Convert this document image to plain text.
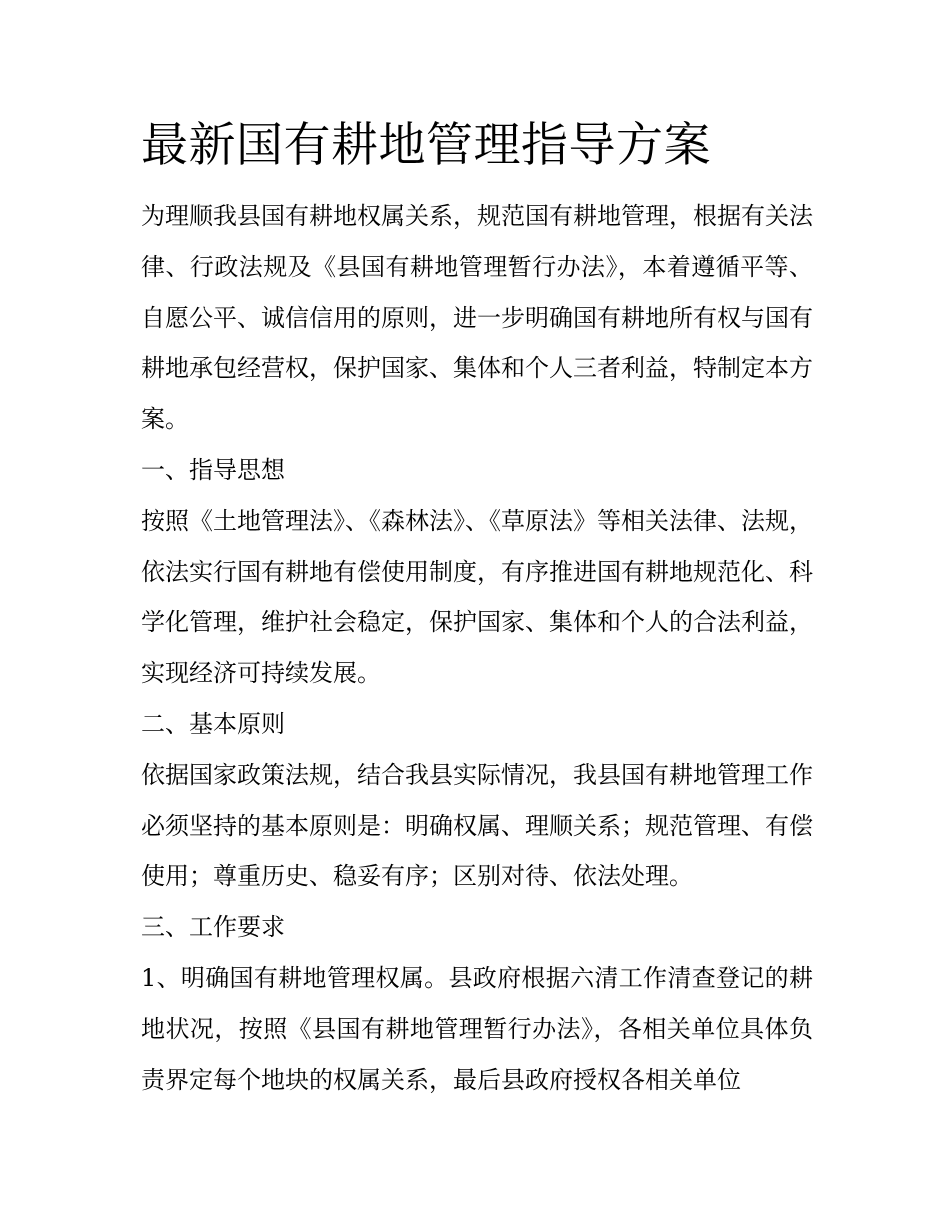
最新国有耕地管理指导方案

为理顺我县国有耕地权属关系，规范国有耕地管理，根据有关法律、行政法规及《县国有耕地管理暂行办法》，本着遵循平等、自愿公平、诚信信用的原则，进一步明确国有耕地所有权与国有耕地承包经营权，保护国家、集体和个人三者利益，特制定本方案。

一、指导思想

按照《土地管理法》、《森林法》、《草原法》等相关法律、法规，依法实行国有耕地有偿使用制度，有序推进国有耕地规范化、科学化管理，维护社会稳定，保护国家、集体和个人的合法利益，实现经济可持续发展。

二、基本原则

依据国家政策法规，结合我县实际情况，我县国有耕地管理工作必须坚持的基本原则是：明确权属、理顺关系；规范管理、有偿使用；尊重历史、稳妥有序；区别对待、依法处理。

三、工作要求

1、明确国有耕地管理权属。县政府根据六清工作清查登记的耕地状况，按照《县国有耕地管理暂行办法》，各相关单位具体负责界定每个地块的权属关系，最后县政府授权各相关单位
